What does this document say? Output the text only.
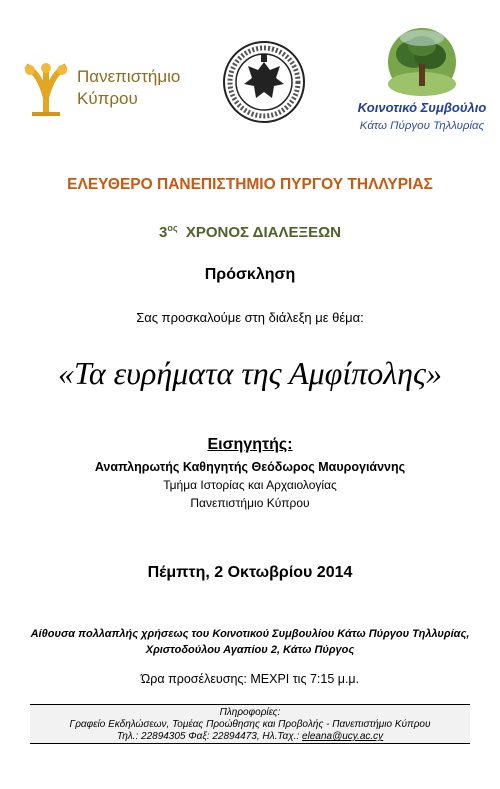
Πανεπιστήμιο
Κύπρου	Κοινοτικό Συμβούλιο
Κάτω Πύργου Τηλλυρίας
ΕΛΕΥΘΕΡΟ ΠΑΝΕΠΙΣΤΗΜΙΟ ΠΥΡΓΟΥ ΤΗΛΛΥΡΙΑΣ
$3^{o\varsigma}$ ΧΡΟΝΟΣ ΔΙΑΛΕΞΕΩΝ
Πρόσκληση
Σας προσκαλούμε στη διάλεξη με θέμα:
«Τα ευρήματα της Αμφίπολης»
Εισηγητής:
Αναπληρωτής Καθηγητής Θεόδωρος Μαυρογιάννης
Τμήμα Ιστορίας και Αρχαιολογίας
Πανεπιστήμιο Κύπρου
Πέμπτη, 2 Οκτωβρίου 2014
Αίθουσα πολλαπλής χρήσεως του Κοινοτικού Συμβουλίου Κάτω Πύργου Τηλλυρίας,
Χριστοδούλου Αγαπίου 2, Κάτω Πύργος
Ώρα προσέλευσης: ΜΕΧΡΙ τις 7:15 μ.μ.
Πληροφορίες:
Γραφείο Εκδηλώσεων, Τομέας Προώθησης και Προβολής - Πανεπιστήμιο Κύπρου
Τηλ.: 22894305 Φαξ: 22894473, Ηλ.Ταχ.: eleana@ucy.ac.cy
